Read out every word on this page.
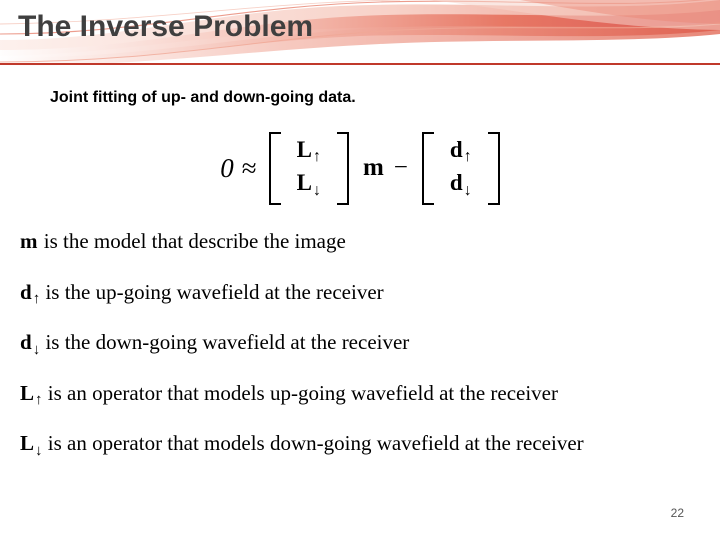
The Inverse Problem
Joint fitting of up- and down-going data.
0 ≈
L↑
L↓
m −
d↑
d↓
m is the model that describe the image
$d_↑$ is the up-going wavefield at the receiver
$d_↓$ is the down-going wavefield at the receiver
$L_↑$ is an operator that models up-going wavefield at the receiver
$L_↓$ is an operator that models down-going wavefield at the receiver
22
